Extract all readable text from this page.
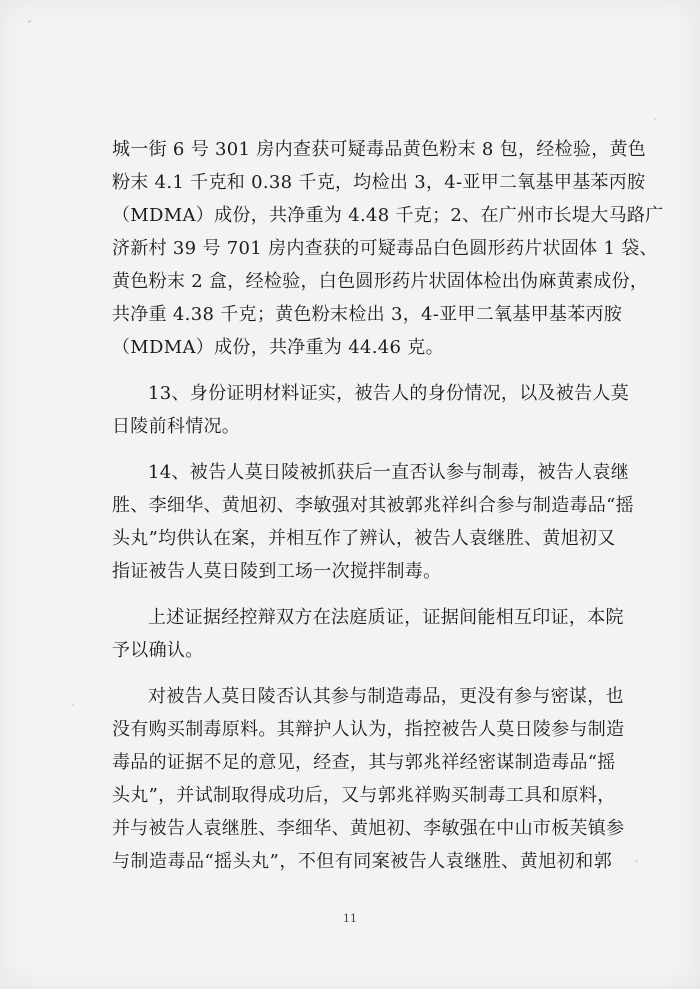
城一街 6 号 301 房内查获可疑毒品黄色粉末 8 包，经检验，黄色
粉末 4.1 千克和 0.38 千克，均检出 3，4-亚甲二氧基甲基苯丙胺
（MDMA）成份，共净重为 4.48 千克；2、在广州市长堤大马路广
济新村 39 号 701 房内查获的可疑毒品白色圆形药片状固体 1 袋、
黄色粉末 2 盒，经检验，白色圆形药片状固体检出伪麻黄素成份，
共净重 4.38 千克；黄色粉末检出 3，4-亚甲二氧基甲基苯丙胺
（MDMA）成份，共净重为 44.46 克。
13、身份证明材料证实，被告人的身份情况，以及被告人莫
日陵前科情况。
14、被告人莫日陵被抓获后一直否认参与制毒，被告人袁继
胜、李细华、黄旭初、李敏强对其被郭兆祥纠合参与制造毒品“摇
头丸”均供认在案，并相互作了辨认，被告人袁继胜、黄旭初又
指证被告人莫日陵到工场一次搅拌制毒。
上述证据经控辩双方在法庭质证，证据间能相互印证，本院
予以确认。
对被告人莫日陵否认其参与制造毒品，更没有参与密谋，也
没有购买制毒原料。其辩护人认为，指控被告人莫日陵参与制造
毒品的证据不足的意见，经查，其与郭兆祥经密谋制造毒品“摇
头丸”，并试制取得成功后，又与郭兆祥购买制毒工具和原料，
并与被告人袁继胜、李细华、黄旭初、李敏强在中山市板芙镇参
与制造毒品“摇头丸”，不但有同案被告人袁继胜、黄旭初和郭
11
